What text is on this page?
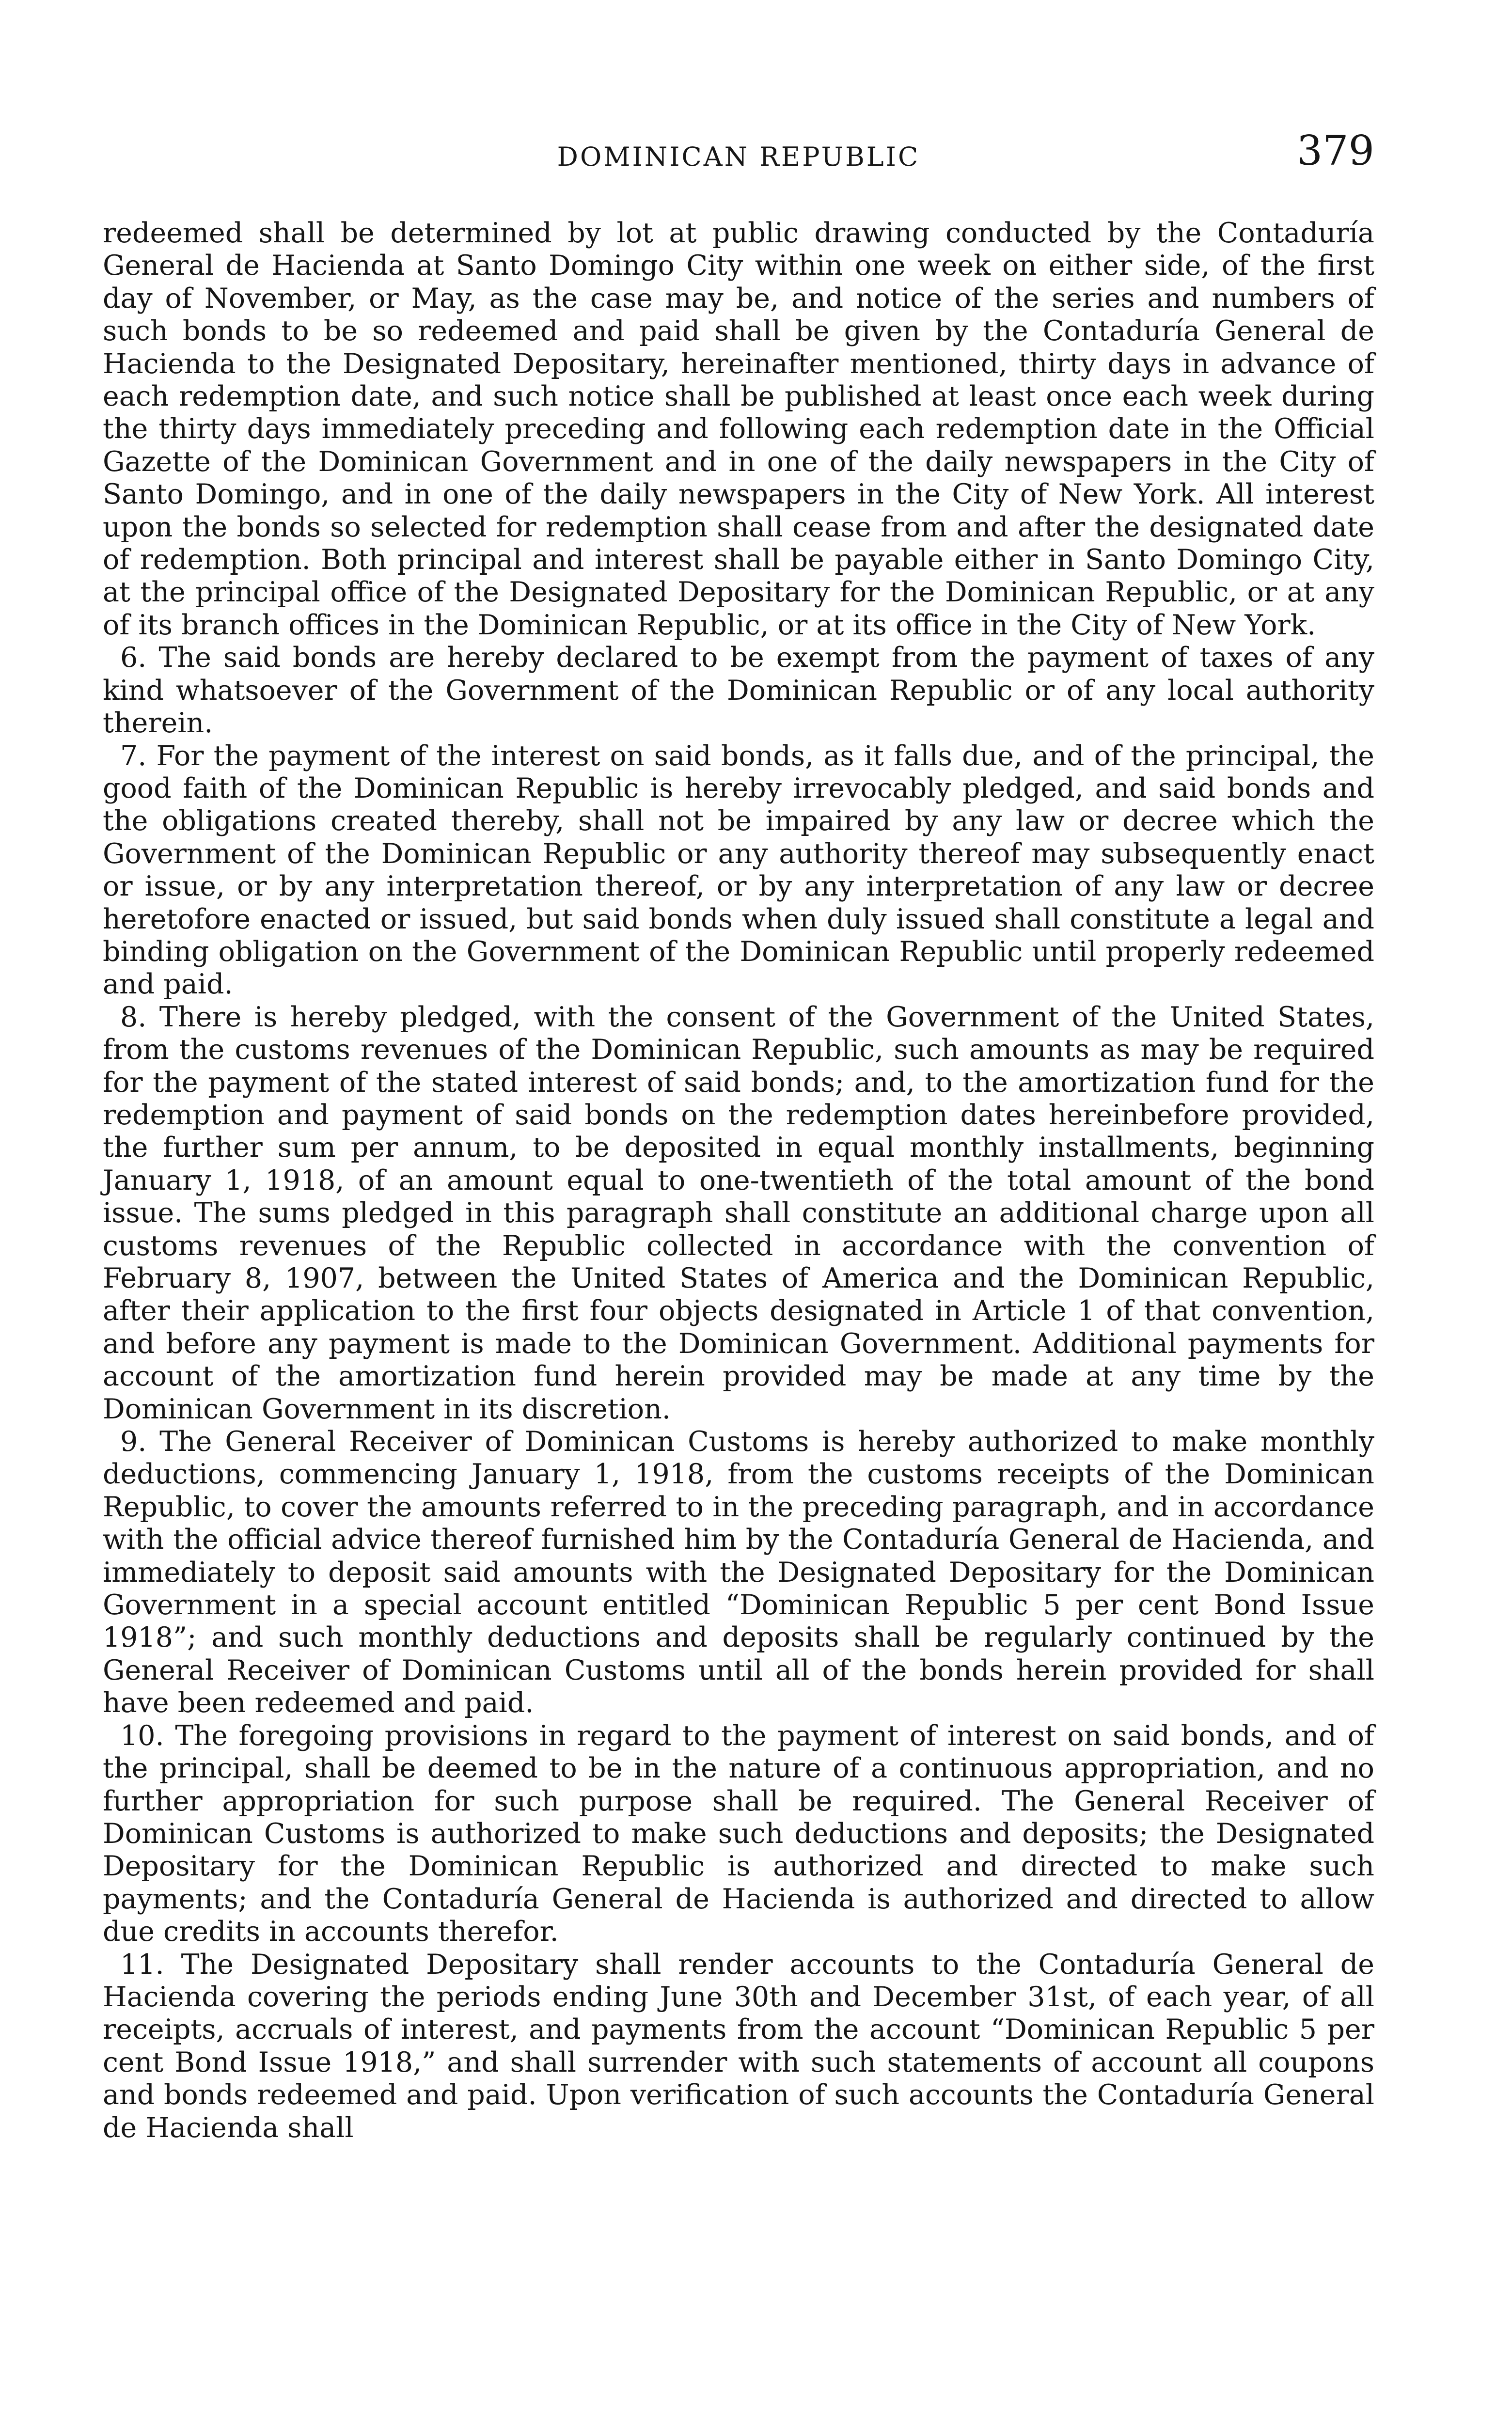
DOMINICAN REPUBLIC	379

redeemed shall be determined by lot at public drawing conducted by the Contaduría General de Hacienda at Santo Domingo City within one week on either side, of the first day of November, or May, as the case may be, and notice of the series and numbers of such bonds to be so redeemed and paid shall be given by the Contaduría General de Hacienda to the Designated Depositary, hereinafter mentioned, thirty days in advance of each redemption date, and such notice shall be published at least once each week during the thirty days immediately preceding and following each redemption date in the Official Gazette of the Dominican Government and in one of the daily newspapers in the City of Santo Domingo, and in one of the daily newspapers in the City of New York. All interest upon the bonds so selected for redemption shall cease from and after the designated date of redemption. Both principal and interest shall be payable either in Santo Domingo City, at the principal office of the Designated Depositary for the Dominican Republic, or at any of its branch offices in the Dominican Republic, or at its office in the City of New York.

6. The said bonds are hereby declared to be exempt from the payment of taxes of any kind whatsoever of the Government of the Dominican Republic or of any local authority therein.

7. For the payment of the interest on said bonds, as it falls due, and of the principal, the good faith of the Dominican Republic is hereby irrevocably pledged, and said bonds and the obligations created thereby, shall not be impaired by any law or decree which the Government of the Dominican Republic or any authority thereof may subsequently enact or issue, or by any interpretation thereof, or by any interpretation of any law or decree heretofore enacted or issued, but said bonds when duly issued shall constitute a legal and binding obligation on the Government of the Dominican Republic until properly redeemed and paid.

8. There is hereby pledged, with the consent of the Government of the United States, from the customs revenues of the Dominican Republic, such amounts as may be required for the payment of the stated interest of said bonds; and, to the amortization fund for the redemption and payment of said bonds on the redemption dates hereinbefore provided, the further sum per annum, to be deposited in equal monthly installments, beginning January 1, 1918, of an amount equal to one-twentieth of the total amount of the bond issue. The sums pledged in this paragraph shall constitute an additional charge upon all customs revenues of the Republic collected in accordance with the convention of February 8, 1907, between the United States of America and the Dominican Republic, after their application to the first four objects designated in Article 1 of that convention, and before any payment is made to the Dominican Government. Additional payments for account of the amortization fund herein provided may be made at any time by the Dominican Government in its discretion.

9. The General Receiver of Dominican Customs is hereby authorized to make monthly deductions, commencing January 1, 1918, from the customs receipts of the Dominican Republic, to cover the amounts referred to in the preceding paragraph, and in accordance with the official advice thereof furnished him by the Contaduría General de Hacienda, and immediately to deposit said amounts with the Designated Depositary for the Dominican Government in a special account entitled “Dominican Republic 5 per cent Bond Issue 1918”; and such monthly deductions and deposits shall be regularly continued by the General Receiver of Dominican Customs until all of the bonds herein provided for shall have been redeemed and paid.

10. The foregoing provisions in regard to the payment of interest on said bonds, and of the principal, shall be deemed to be in the nature of a continuous appropriation, and no further appropriation for such purpose shall be required. The General Receiver of Dominican Customs is authorized to make such deductions and deposits; the Designated Depositary for the Dominican Republic is authorized and directed to make such payments; and the Contaduría General de Hacienda is authorized and directed to allow due credits in accounts therefor.

11. The Designated Depositary shall render accounts to the Contaduría General de Hacienda covering the periods ending June 30th and December 31st, of each year, of all receipts, accruals of interest, and payments from the account “Dominican Republic 5 per cent Bond Issue 1918,” and shall surrender with such statements of account all coupons and bonds redeemed and paid. Upon verification of such accounts the Contaduría General de Hacienda shall
